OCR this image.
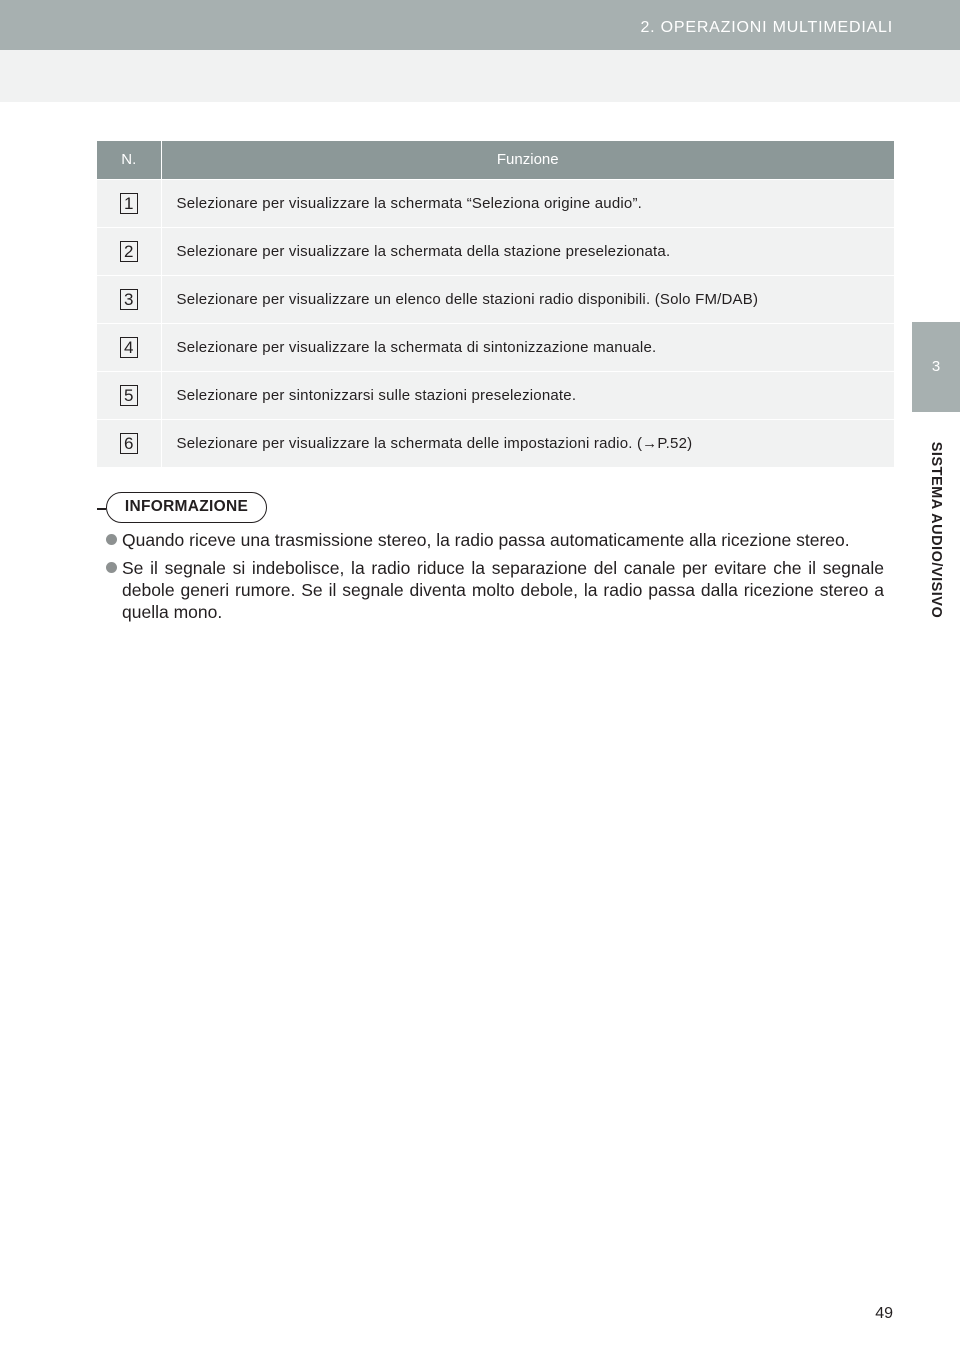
2. OPERAZIONI MULTIMEDIALI
3
SISTEMA AUDIO/VISIVO
N.	Funzione
1	Selezionare per visualizzare la schermata “Seleziona origine audio”.
2	Selezionare per visualizzare la schermata della stazione preselezionata.
3	Selezionare per visualizzare un elenco delle stazioni radio disponibili. (Solo FM/DAB)
4	Selezionare per visualizzare la schermata di sintonizzazione manuale.
5	Selezionare per sintonizzarsi sulle stazioni preselezionate.
6	Selezionare per visualizzare la schermata delle impostazioni radio. (→P.52)
INFORMAZIONE
Quando riceve una trasmissione stereo, la radio passa automaticamente alla ricezione stereo.
Se il segnale si indebolisce, la radio riduce la separazione del canale per evitare che il segnale debole generi rumore. Se il segnale diventa molto debole, la radio passa dalla ricezione stereo a quella mono.
49
